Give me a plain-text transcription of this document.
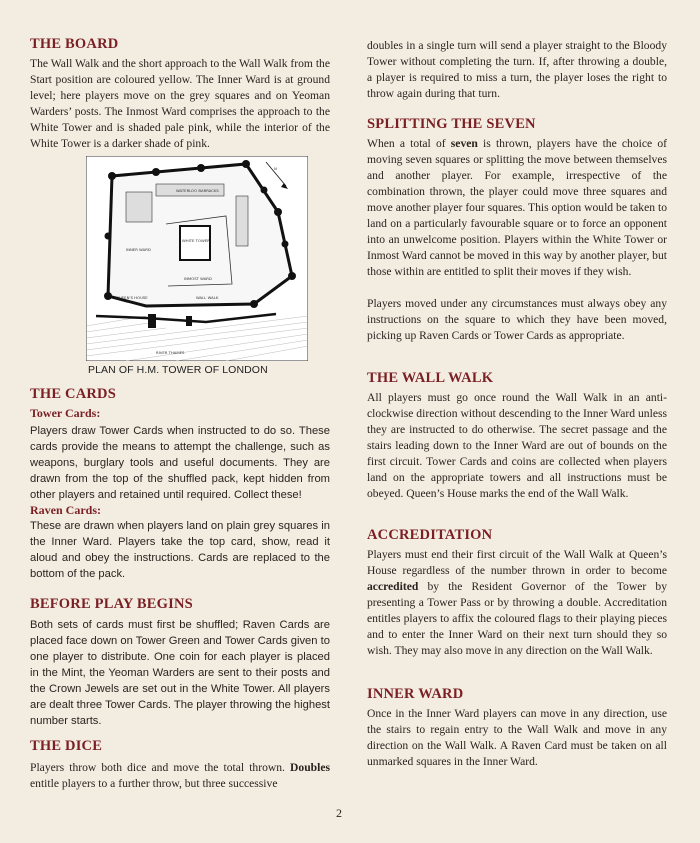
THE BOARD

The Wall Walk and the short approach to the Wall Walk from the Start position are coloured yellow. The Inner Ward is at ground level; here players move on the grey squares and on Yeoman Warders’ posts. The Inmost Ward comprises the approach to the White Tower and is shaded pale pink, while the interior of the White Tower is a darker shade of pink.

N
INNER WARD
WHITE TOWER
INMOST WARD
QUEEN’S HOUSE	WALL WALK
WATERLOO BARRACKS
RIVER THAMES
PLAN OF H.M. TOWER OF LONDON
THE CARDS
Tower Cards:

Players draw Tower Cards when instructed to do so. These cards provide the means to attempt the challenge, such as weapons, burglary tools and useful documents. They are drawn from the top of the shuffled pack, kept hidden from other players and retained until required. Collect these!

Raven Cards:

These are drawn when players land on plain grey squares in the Inner Ward. Players take the top card, show, read it aloud and obey the instructions. Cards are replaced to the bottom of the pack.

BEFORE PLAY BEGINS

Both sets of cards must first be shuffled; Raven Cards are placed face down on Tower Green and Tower Cards given to one player to distribute. One coin for each player is placed in the Mint, the Yeoman Warders are sent to their posts and the Crown Jewels are set out in the White Tower. All players are dealt three Tower Cards. The player throwing the highest number starts.

THE DICE

Players throw both dice and move the total thrown. Doubles entitle players to a further throw, but three successive

doubles in a single turn will send a player straight to the Bloody Tower without completing the turn. If, after throwing a double, a player is required to miss a turn, the player loses the right to throw again during that turn.

SPLITTING THE SEVEN

When a total of seven is thrown, players have the choice of moving seven squares or splitting the move between themselves and another player. For example, irrespective of the combination thrown, the player could move three squares and move another player four squares. This option would be taken to land on a particularly favourable square or to force an opponent into an unwelcome position. Players within the White Tower or Inmost Ward cannot be moved in this way by another player, but those within are entitled to split their moves if they wish.

Players moved under any circumstances must always obey any instructions on the square to which they have been moved, picking up Raven Cards or Tower Cards as appropriate.

THE WALL WALK

All players must go once round the Wall Walk in an anti-clockwise direction without descending to the Inner Ward unless they are instructed to do otherwise. The secret passage and the stairs leading down to the Inner Ward are out of bounds on the first circuit. Tower Cards and coins are collected when players land on the appropriate towers and all instructions must be obeyed. Queen’s House marks the end of the Wall Walk.

ACCREDITATION

Players must end their first circuit of the Wall Walk at Queen’s House regardless of the number thrown in order to become accredited by the Resident Governor of the Tower by presenting a Tower Pass or by throwing a double. Accreditation entitles players to affix the coloured flags to their playing pieces and to enter the Inner Ward on their next turn should they so wish. They may also move in any direction on the Wall Walk.

INNER WARD

Once in the Inner Ward players can move in any direction, use the stairs to regain entry to the Wall Walk and move in any direction on the Wall Walk. A Raven Card must be taken on all unmarked squares in the Inner Ward.

2
